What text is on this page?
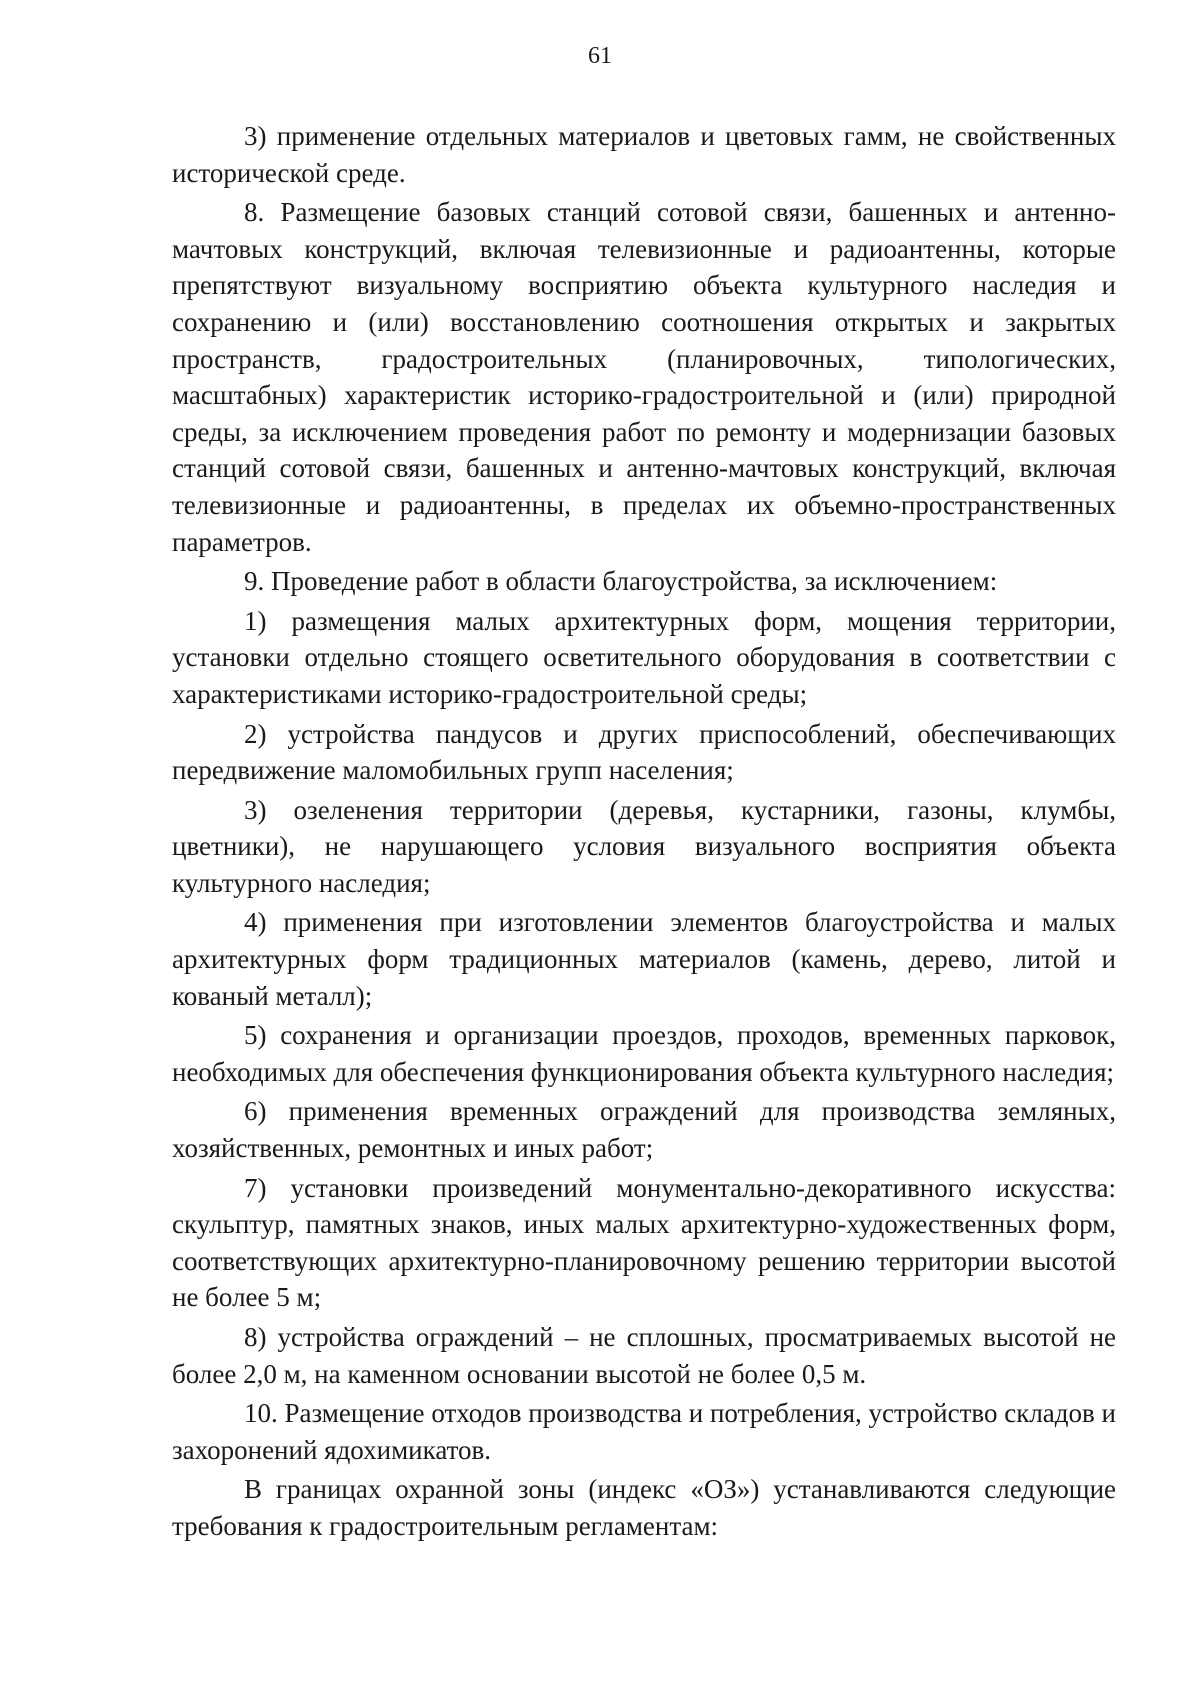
61

3) применение отдельных материалов и цветовых гамм, не свойственных исторической среде.

8. Размещение базовых станций сотовой связи, башенных и антенно-мачтовых конструкций, включая телевизионные и радиоантенны, которые препятствуют визуальному восприятию объекта культурного наследия и сохранению и (или) восстановлению соотношения открытых и закрытых пространств, градостроительных (планировочных, типологических, масштабных) характеристик историко-градостроительной и (или) природной среды, за исключением проведения работ по ремонту и модернизации базовых станций сотовой связи, башенных и антенно-мачтовых конструкций, включая телевизионные и радиоантенны, в пределах их объемно-пространственных параметров.

9. Проведение работ в области благоустройства, за исключением:

1) размещения малых архитектурных форм, мощения территории, установки отдельно стоящего осветительного оборудования в соответствии с характеристиками историко-градостроительной среды;

2) устройства пандусов и других приспособлений, обеспечивающих передвижение маломобильных групп населения;

3) озеленения территории (деревья, кустарники, газоны, клумбы, цветники), не нарушающего условия визуального восприятия объекта культурного наследия;

4) применения при изготовлении элементов благоустройства и малых архитектурных форм традиционных материалов (камень, дерево, литой и кованый металл);

5) сохранения и организации проездов, проходов, временных парковок, необходимых для обеспечения функционирования объекта культурного наследия;

6) применения временных ограждений для производства земляных, хозяйственных, ремонтных и иных работ;

7) установки произведений монументально-декоративного искусства: скульптур, памятных знаков, иных малых архитектурно-художественных форм, соответствующих архитектурно-планировочному решению территории высотой не более 5 м;

8) устройства ограждений – не сплошных, просматриваемых высотой не более 2,0 м, на каменном основании высотой не более 0,5 м.

10. Размещение отходов производства и потребления, устройство складов и захоронений ядохимикатов.

В границах охранной зоны (индекс «ОЗ») устанавливаются следующие требования к градостроительным регламентам:
